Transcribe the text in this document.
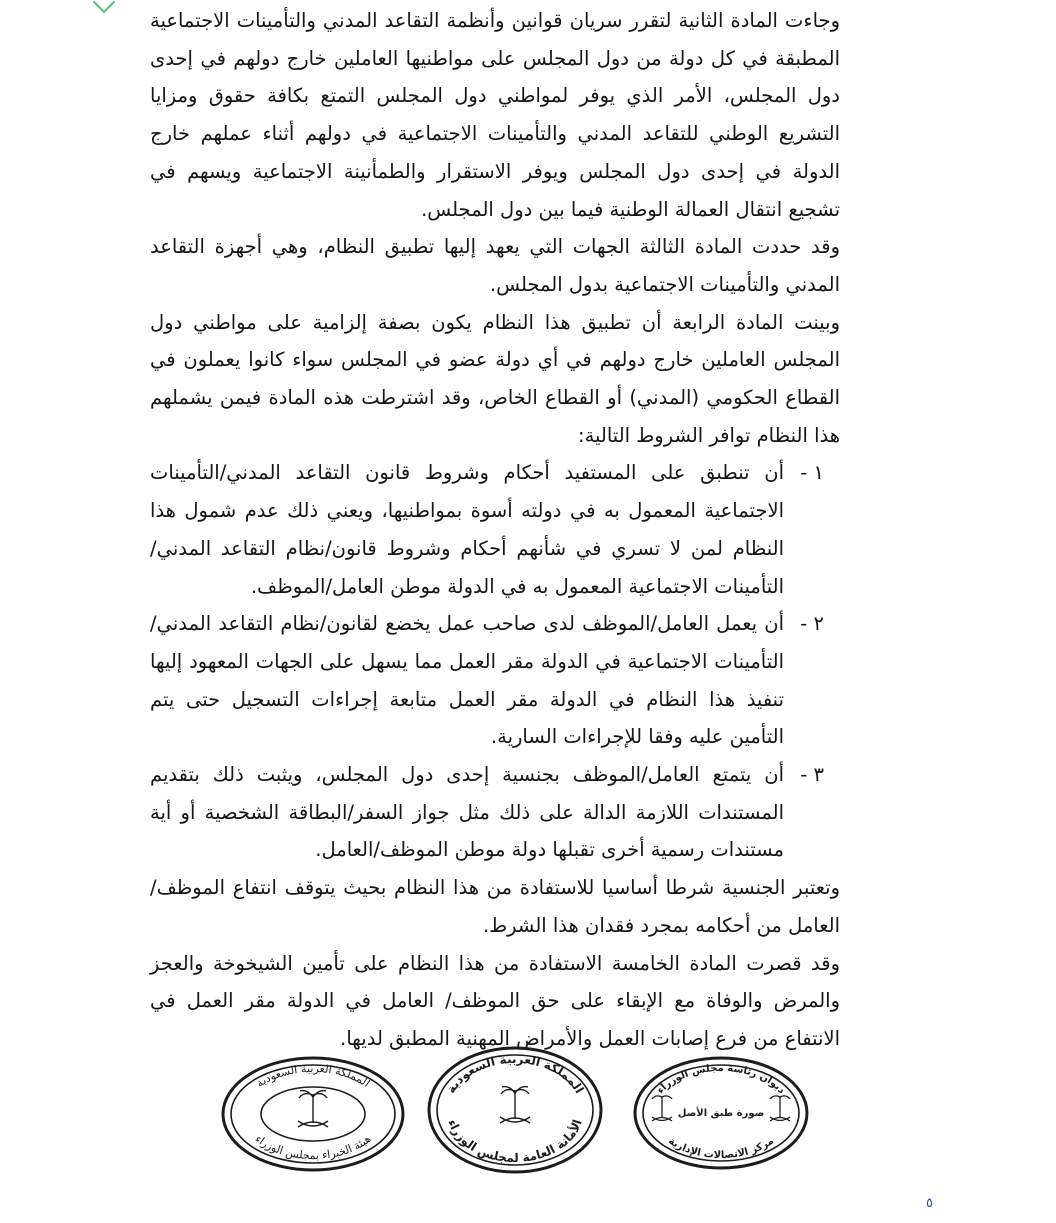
وجاءت المادة الثانية لتقرر سريان قوانين وأنظمة التقاعد المدني والتأمينات الاجتماعية المطبقة في كل دولة من دول المجلس على مواطنيها العاملين خارج دولهم في إحدى دول المجلس، الأمر الذي يوفر لمواطني دول المجلس التمتع بكافة حقوق ومزايا التشريع الوطني للتقاعد المدني والتأمينات الاجتماعية في دولهم أثناء عملهم خارج الدولة في إحدى دول المجلس ويوفر الاستقرار والطمأنينة الاجتماعية ويسهم في تشجيع انتقال العمالة الوطنية فيما بين دول المجلس.

وقد حددت المادة الثالثة الجهات التي يعهد إليها تطبيق النظام، وهي أجهزة التقاعد المدني والتأمينات الاجتماعية بدول المجلس.

وبينت المادة الرابعة أن تطبيق هذا النظام يكون بصفة إلزامية على مواطني دول المجلس العاملين خارج دولهم في أي دولة عضو في المجلس سواء كانوا يعملون في القطاع الحكومي (المدني) أو القطاع الخاص، وقد اشترطت هذه المادة فيمن يشملهم هذا النظام توافر الشروط التالية:

١ -
أن تنطبق على المستفيد أحكام وشروط قانون التقاعد المدني/التأمينات الاجتماعية المعمول به في دولته أسوة بمواطنيها، ويعني ذلك عدم شمول هذا النظام لمن لا تسري في شأنهم أحكام وشروط قانون/نظام التقاعد المدني/التأمينات الاجتماعية المعمول به في الدولة موطن العامل/الموظف.
٢ -
أن يعمل العامل/الموظف لدى صاحب عمل يخضع لقانون/نظام التقاعد المدني/التأمينات الاجتماعية في الدولة مقر العمل مما يسهل على الجهات المعهود إليها تنفيذ هذا النظام في الدولة مقر العمل متابعة إجراءات التسجيل حتى يتم التأمين عليه وفقا للإجراءات السارية.
٣ -
أن يتمتع العامل/الموظف بجنسية إحدى دول المجلس، ويثبت ذلك بتقديم المستندات اللازمة الدالة على ذلك مثل جواز السفر/البطاقة الشخصية أو أية مستندات رسمية أخرى تقبلها دولة موطن الموظف/العامل.

وتعتبر الجنسية شرطا أساسيا للاستفادة من هذا النظام بحيث يتوقف انتفاع الموظف/العامل من أحكامه بمجرد فقدان هذا الشرط.

وقد قصرت المادة الخامسة الاستفادة من هذا النظام على تأمين الشيخوخة والعجز والمرض والوفاة مع الإبقاء على حق الموظف/ العامل في الدولة مقر العمل في الانتفاع من فرع إصابات العمل والأمراض المهنية المطبق لديها.

المملكة العربية السعودية
هيئة الخبراء بمجلس الوزراء
المملكة العربية السعودية
الأمانة العامة لمجلس الوزراء
ديوان رئاسة مجلس الوزراء
مركز الاتصالات الإدارية
صورة طبق الأصل
٥
